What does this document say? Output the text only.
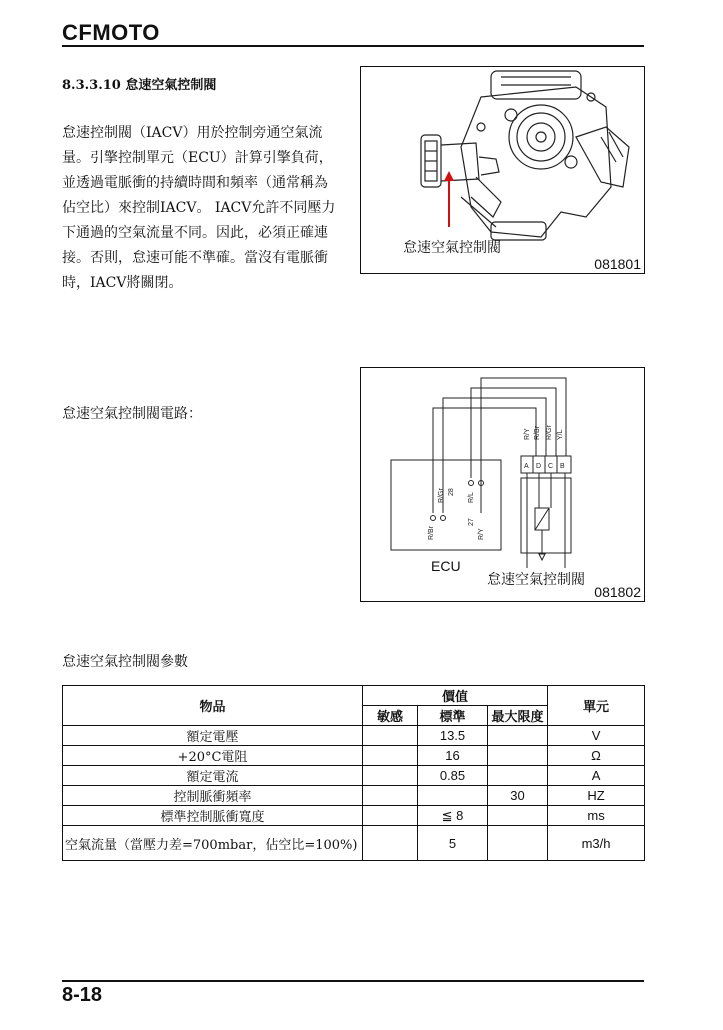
CFMOTO
8.3.3.10 怠速空氣控制閥
怠速控制閥（IACV）用於控制旁通空氣流
量。引擎控制單元（ECU）計算引擎負荷，
並透過電脈衝的持續時間和頻率（通常稱為
佔空比）來控制IACV。 IACV允許不同壓力
下通過的空氣流量不同。因此，必須正確連
接。否則，怠速可能不準確。當沒有電脈衝
時，IACV將關閉。
怠速空氣控制閥
081801
怠速空氣控制閥電路：
R/Y R/Br R/Gr Y/L
A D C B
R/Br
R/Gr 28 R/L
27
R/Y
ECU
怠速空氣控制閥
081802
怠速空氣控制閥參數
物品	價值			單元
	敏感	標準	最大限度	
額定電壓		13.5		V
+20°C電阻		16		Ω
額定電流		0.85		A
控制脈衝頻率			30	HZ
標準控制脈衝寬度		≦ 8		ms
空氣流量（當壓力差=700mbar，佔空比=100%)		5		m3/h
8-18
